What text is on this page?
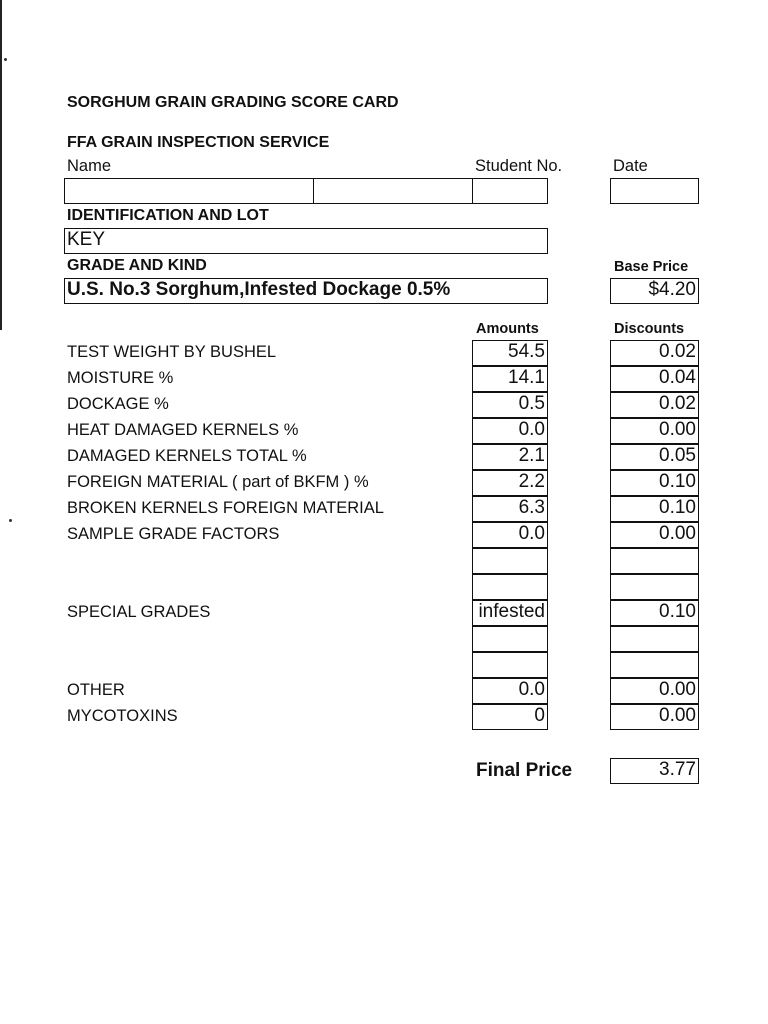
SORGHUM GRAIN GRADING SCORE CARD
FFA GRAIN INSPECTION SERVICE
Name	Student No.	Date
IDENTIFICATION AND LOT
KEY
GRADE AND KIND	Base Price
U.S. No.3 Sorghum,Infested Dockage 0.5%	$4.20
Amounts	Discounts
TEST WEIGHT BY BUSHEL	54.5	0.02
MOISTURE %	14.1	0.04
DOCKAGE %	0.5	0.02
HEAT DAMAGED KERNELS %	0.0	0.00
DAMAGED KERNELS TOTAL %	2.1	0.05
FOREIGN MATERIAL ( part of BKFM ) %	2.2	0.10
BROKEN KERNELS FOREIGN MATERIAL	6.3	0.10
SAMPLE GRADE FACTORS	0.0	0.00
SPECIAL GRADES	infested	0.10
OTHER	0.0	0.00
MYCOTOXINS	0	0.00
Final Price	3.77
